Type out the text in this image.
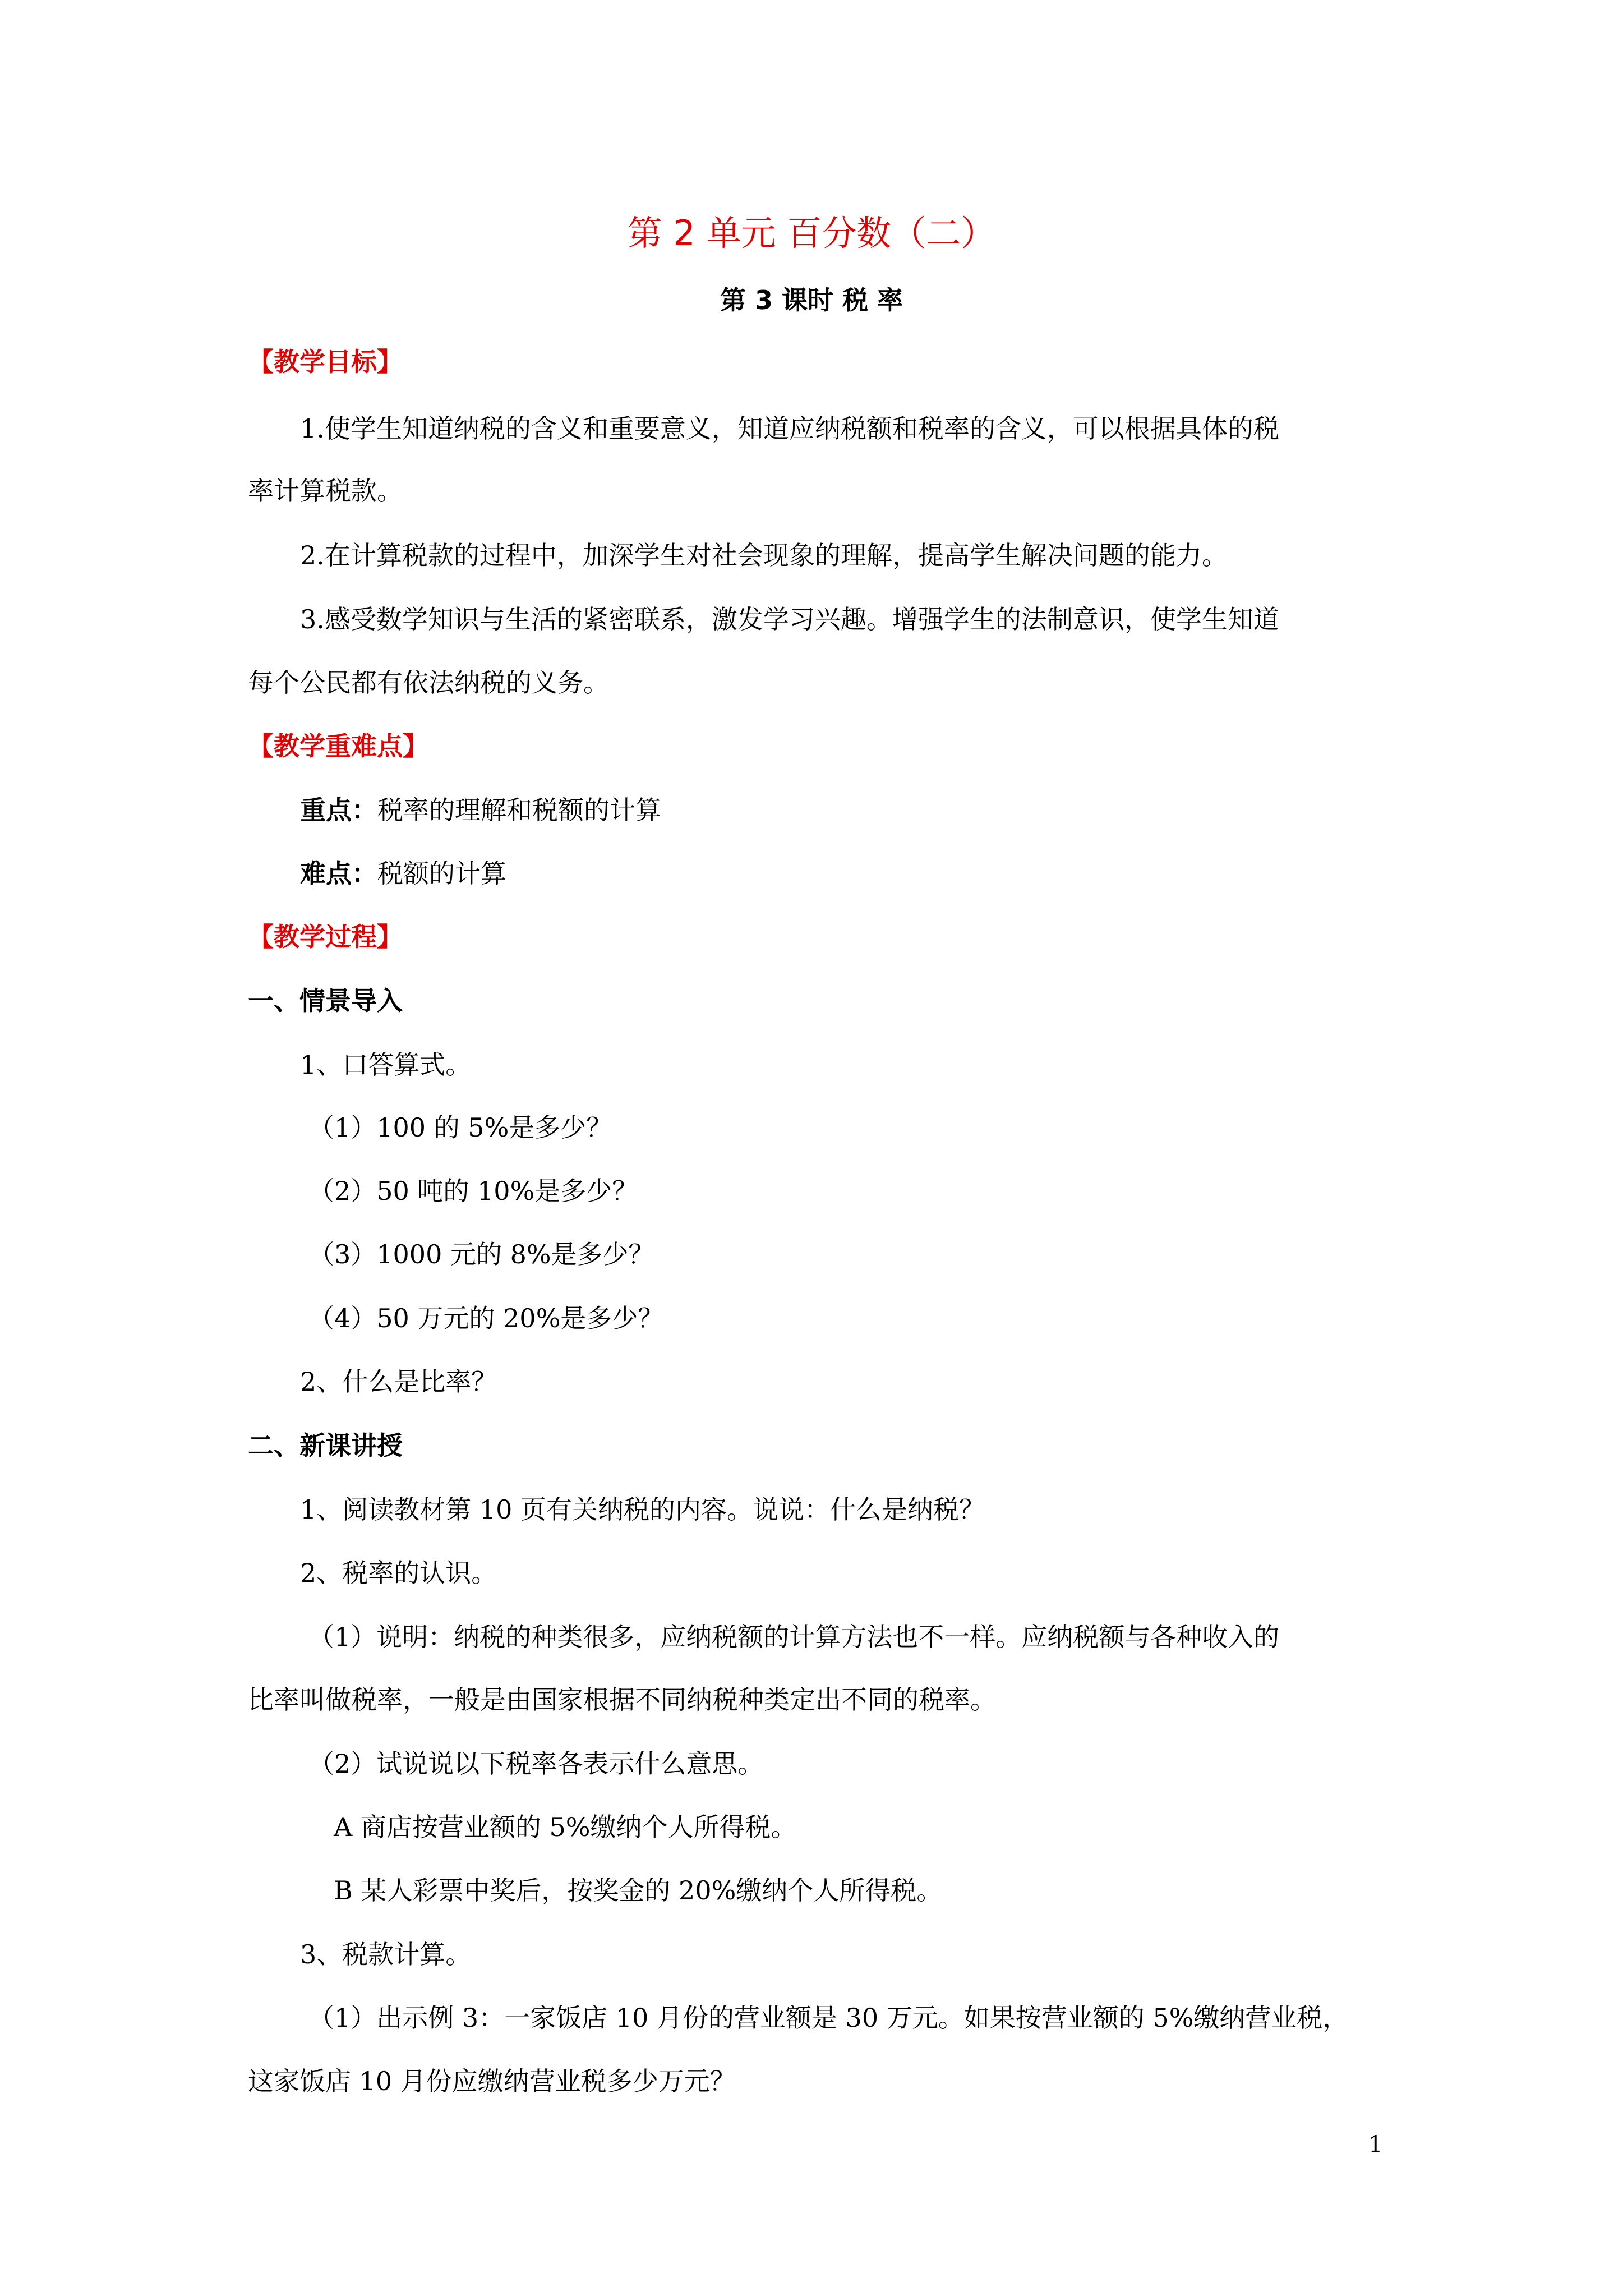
第 2 单元 百分数（二）
第 3 课时 税 率
【教学目标】
1.使学生知道纳税的含义和重要意义，知道应纳税额和税率的含义，可以根据具体的税
率计算税款。
2.在计算税款的过程中，加深学生对社会现象的理解，提高学生解决问题的能力。
3.感受数学知识与生活的紧密联系，激发学习兴趣。增强学生的法制意识，使学生知道
每个公民都有依法纳税的义务。
【教学重难点】
重点：税率的理解和税额的计算
难点：税额的计算
【教学过程】
一、情景导入
1、口答算式。
（1）100 的 5%是多少？
（2）50 吨的 10%是多少？
（3）1000 元的 8%是多少？
（4）50 万元的 20%是多少？
2、什么是比率？
二、新课讲授
1、阅读教材第 10 页有关纳税的内容。说说：什么是纳税？
2、税率的认识。
（1）说明：纳税的种类很多，应纳税额的计算方法也不一样。应纳税额与各种收入的
比率叫做税率，一般是由国家根据不同纳税种类定出不同的税率。
（2）试说说以下税率各表示什么意思。
A 商店按营业额的 5%缴纳个人所得税。
B 某人彩票中奖后，按奖金的 20%缴纳个人所得税。
3、税款计算。
（1）出示例 3：一家饭店 10 月份的营业额是 30 万元。如果按营业额的 5%缴纳营业税，
这家饭店 10 月份应缴纳营业税多少万元？
1
